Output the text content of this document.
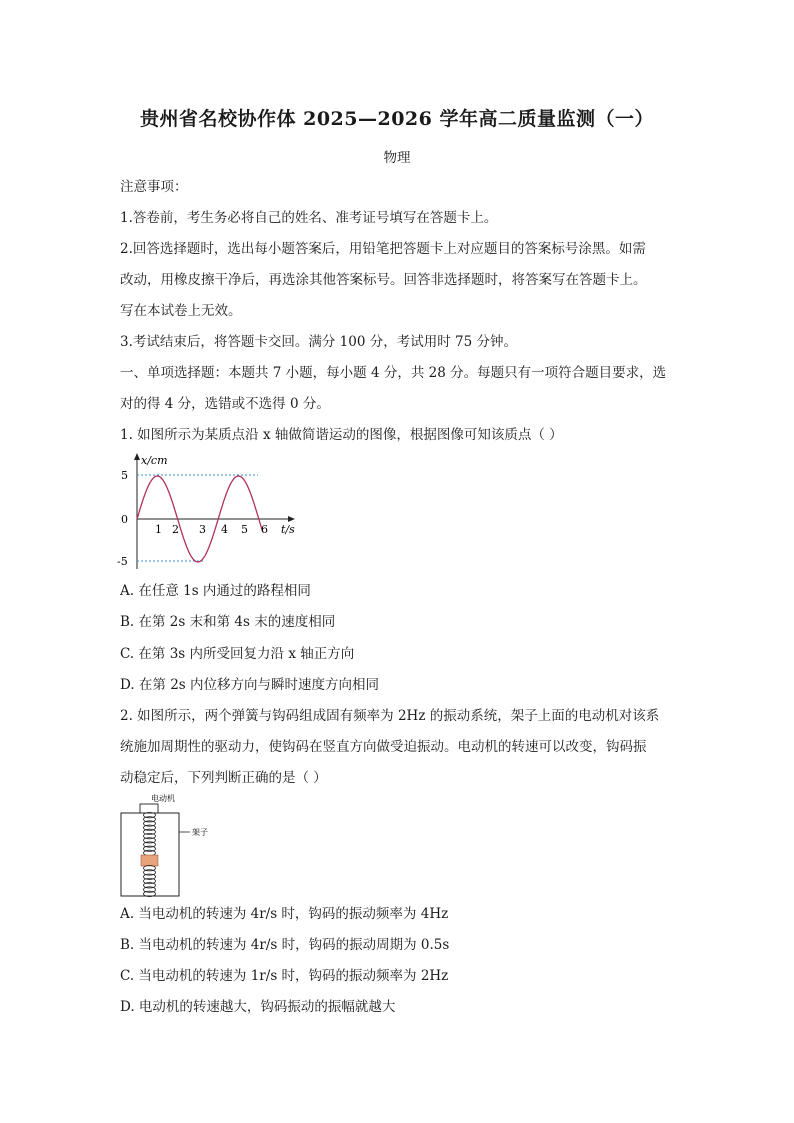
贵州省名校协作体 2025—2026 学年高二质量监测（一）
物理
注意事项：
1.答卷前，考生务必将自己的姓名、准考证号填写在答题卡上。
2.回答选择题时，选出每小题答案后，用铅笔把答题卡上对应题目的答案标号涂黑。如需
改动，用橡皮擦干净后，再选涂其他答案标号。回答非选择题时，将答案写在答题卡上。
写在本试卷上无效。
3.考试结束后，将答题卡交回。满分 100 分，考试用时 75 分钟。
一、单项选择题：本题共 7 小题，每小题 4 分，共 28 分。每题只有一项符合题目要求，选
对的得 4 分，选错或不选得 0 分。
1. 如图所示为某质点沿 x 轴做简谐运动的图像，根据图像可知该质点（ ）
x/cm
t/s
5
0
-5
1 2 3 4 5 6
A. 在任意 1s 内通过的路程相同
B. 在第 2s 末和第 4s 末的速度相同
C. 在第 3s 内所受回复力沿 x 轴正方向
D. 在第 2s 内位移方向与瞬时速度方向相同
2. 如图所示，两个弹簧与钩码组成固有频率为 2Hz 的振动系统，架子上面的电动机对该系
统施加周期性的驱动力，使钩码在竖直方向做受迫振动。电动机的转速可以改变，钩码振
动稳定后，下列判断正确的是（ ）
电动机
架子
A. 当电动机的转速为 4r/s 时，钩码的振动频率为 4Hz
B. 当电动机的转速为 4r/s 时，钩码的振动周期为 0.5s
C. 当电动机的转速为 1r/s 时，钩码的振动频率为 2Hz
D. 电动机的转速越大，钩码振动的振幅就越大
